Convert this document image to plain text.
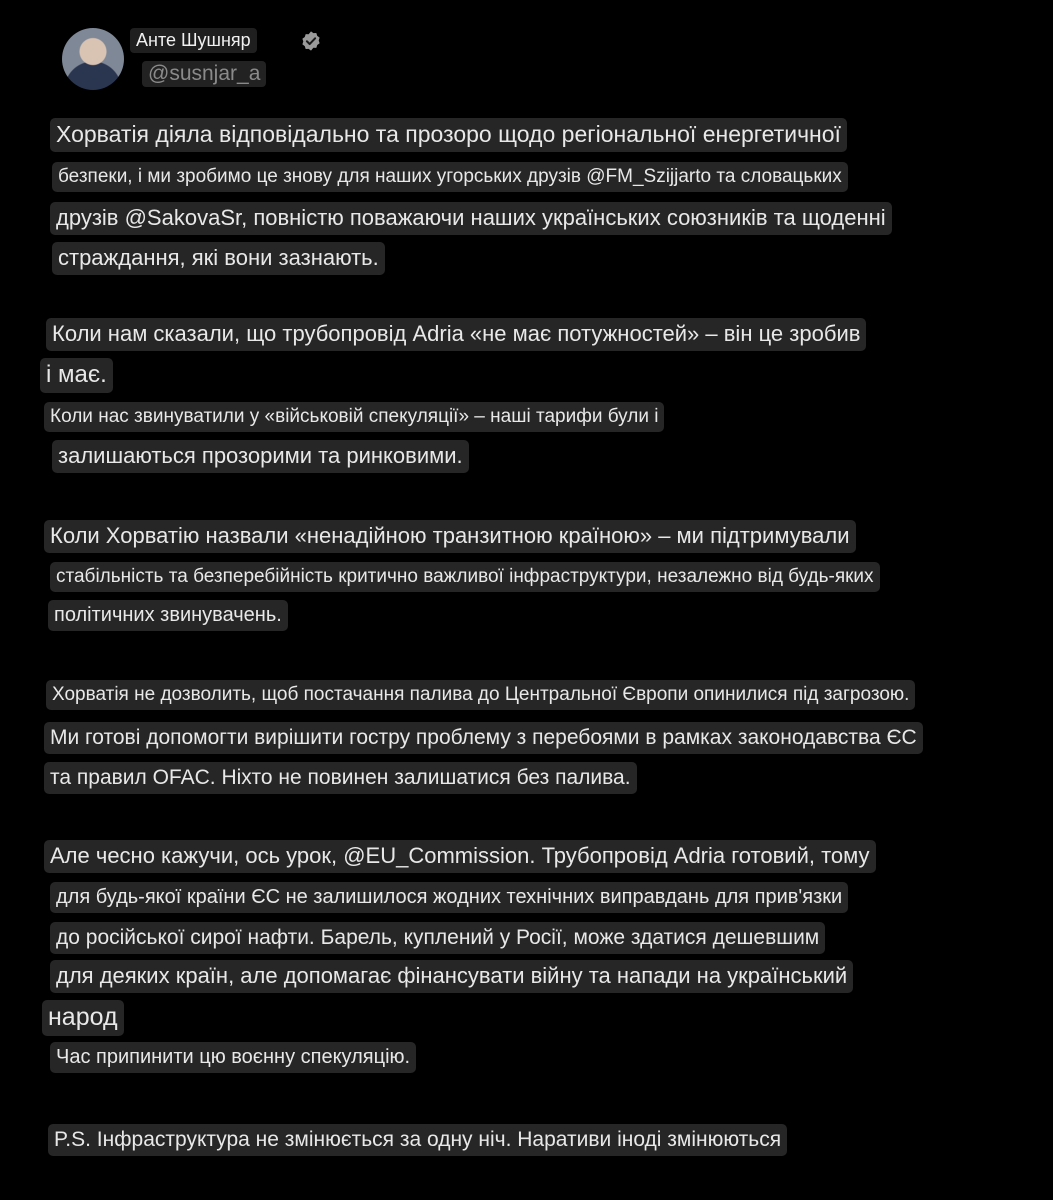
Анте Шушняр
@susnjar_a
Хорватія діяла відповідально та прозоро щодо регіональної енергетичної
безпеки, і ми зробимо це знову для наших угорських друзів @FM_Szijjarto та словацьких
друзів @SakovaSr, повністю поважаючи наших українських союзників та щоденні
страждання, які вони зазнають.
Коли нам сказали, що трубопровід Adria «не має потужностей» – він це зробив
і має.
Коли нас звинуватили у «військовій спекуляції» – наші тарифи були і
залишаються прозорими та ринковими.
Коли Хорватію назвали «ненадійною транзитною країною» – ми підтримували
стабільність та безперебійність критично важливої інфраструктури, незалежно від будь-яких
політичних звинувачень.
Хорватія не дозволить, щоб постачання палива до Центральної Європи опинилися під загрозою.
Ми готові допомогти вирішити гостру проблему з перебоями в рамках законодавства ЄС
та правил OFAC. Ніхто не повинен залишатися без палива.
Але чесно кажучи, ось урок, @EU_Commission. Трубопровід Adria готовий, тому
для будь-якої країни ЄС не залишилося жодних технічних виправдань для прив'язки
до російської сирої нафти. Барель, куплений у Росії, може здатися дешевшим
для деяких країн, але допомагає фінансувати війну та напади на український
народ
Час припинити цю воєнну спекуляцію.
P.S. Інфраструктура не змінюється за одну ніч. Наративи іноді змінюються
